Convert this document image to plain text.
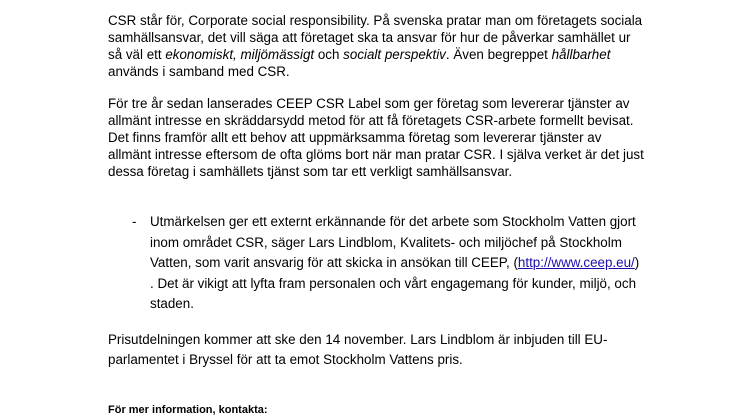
CSR står för, Corporate social responsibility. På svenska pratar man om företagets sociala samhällsansvar, det vill säga att företaget ska ta ansvar för hur de påverkar samhället ur så väl ett ekonomiskt, miljömässigt och socialt perspektiv. Även begreppet hållbarhet används i samband med CSR.

För tre år sedan lanserades CEEP CSR Label som ger företag som levererar tjänster av allmänt intresse en skräddarsydd metod för att få företagets CSR-arbete formellt bevisat. Det finns framför allt ett behov att uppmärksamma företag som levererar tjänster av allmänt intresse eftersom de ofta glöms bort när man pratar CSR. I själva verket är det just dessa företag i samhällets tjänst som tar ett verkligt samhällsansvar.

- Utmärkelsen ger ett externt erkännande för det arbete som Stockholm Vatten gjort inom området CSR, säger Lars Lindblom, Kvalitets- och miljöchef på Stockholm Vatten, som varit ansvarig för att skicka in ansökan till CEEP, (http://www.ceep.eu/) . Det är vikigt att lyfta fram personalen och vårt engagemang för kunder, miljö, och staden.

Prisutdelningen kommer att ske den 14 november. Lars Lindblom är inbjuden till EU-parlamentet i Bryssel för att ta emot Stockholm Vattens pris.

För mer information, kontakta:
